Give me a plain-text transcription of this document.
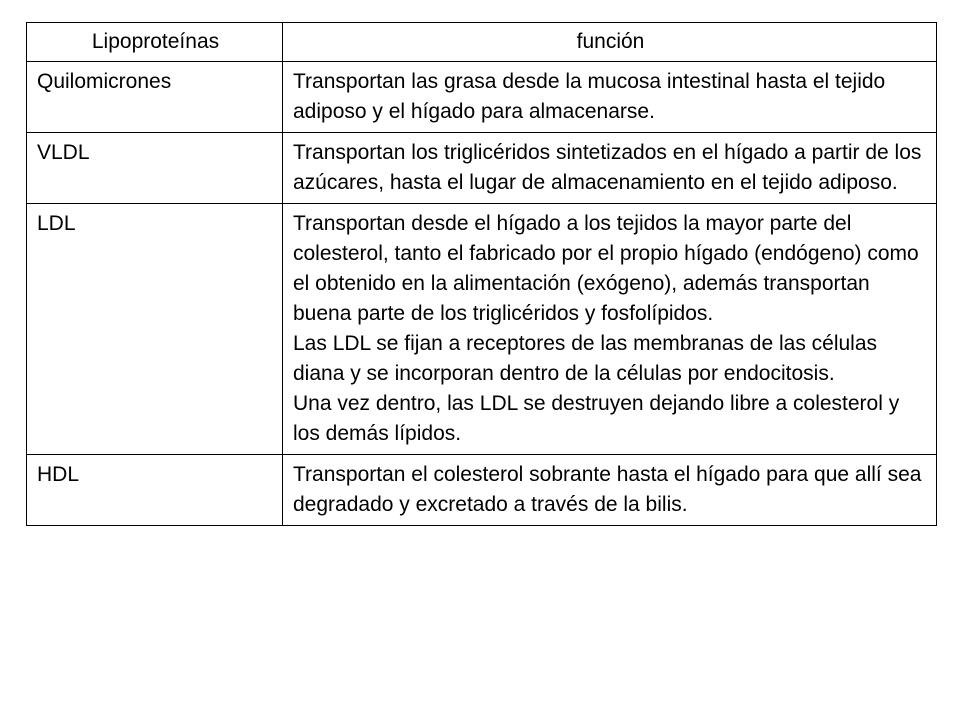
Lipoproteínas	función
Quilomicrones	Transportan las grasa desde la mucosa intestinal hasta el tejido adiposo y el hígado para almacenarse.

VLDL	Transportan los triglicéridos sintetizados en el hígado a partir de los azúcares, hasta el lugar de almacenamiento en el tejido adiposo.

LDL	Transportan desde el hígado a los tejidos la mayor parte del colesterol, tanto el fabricado por el propio hígado (endógeno) como el obtenido en la alimentación (exógeno), además transportan buena parte de los triglicéridos y fosfolípidos.
Las LDL se fijan a receptores de las membranas de las células diana y se incorporan dentro de la células por endocitosis.
Una vez dentro, las LDL se destruyen dejando libre a colesterol y los demás lípidos.

HDL	Transportan el colesterol sobrante hasta el hígado para que allí sea degradado y excretado a través de la bilis.
